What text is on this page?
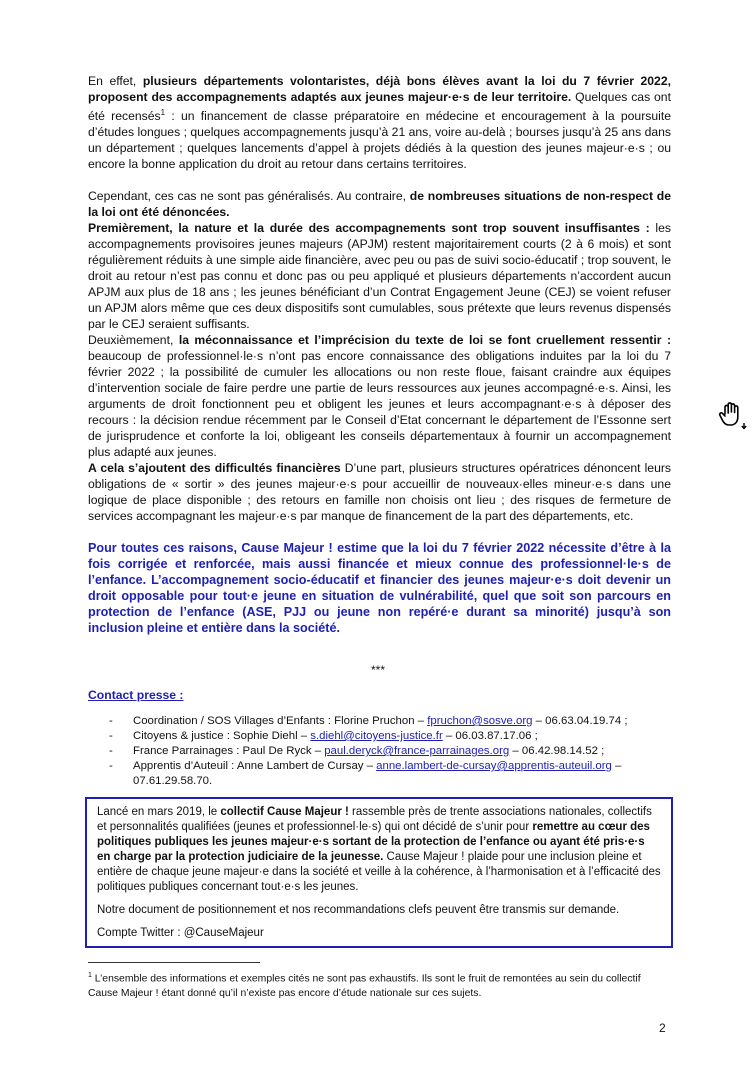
En effet, plusieurs départements volontaristes, déjà bons élèves avant la loi du 7 février 2022, proposent des accompagnements adaptés aux jeunes majeur·e·s de leur territoire. Quelques cas ont été recensés$^1$ : un financement de classe préparatoire en médecine et encouragement à la poursuite d’études longues ; quelques accompagnements jusqu’à 21 ans, voire au-delà ; bourses jusqu’à 25 ans dans un département ; quelques lancements d’appel à projets dédiés à la question des jeunes majeur·e·s ; ou encore la bonne application du droit au retour dans certains territoires.

Cependant, ces cas ne sont pas généralisés. Au contraire, de nombreuses situations de non-respect de la loi ont été dénoncées.

Premièrement, la nature et la durée des accompagnements sont trop souvent insuffisantes : les accompagnements provisoires jeunes majeurs (APJM) restent majoritairement courts (2 à 6 mois) et sont régulièrement réduits à une simple aide financière, avec peu ou pas de suivi socio-éducatif ; trop souvent, le droit au retour n’est pas connu et donc pas ou peu appliqué et plusieurs départements n’accordent aucun APJM aux plus de 18 ans ; les jeunes bénéficiant d’un Contrat Engagement Jeune (CEJ) se voient refuser un APJM alors même que ces deux dispositifs sont cumulables, sous prétexte que leurs revenus dispensés par le CEJ seraient suffisants.

Deuxièmement, la méconnaissance et l’imprécision du texte de loi se font cruellement ressentir : beaucoup de professionnel·le·s n’ont pas encore connaissance des obligations induites par la loi du 7 février 2022 ; la possibilité de cumuler les allocations ou non reste floue, faisant craindre aux équipes d’intervention sociale de faire perdre une partie de leurs ressources aux jeunes accompagné·e·s. Ainsi, les arguments de droit fonctionnent peu et obligent les jeunes et leurs accompagnant·e·s à déposer des recours : la décision rendue récemment par le Conseil d’Etat concernant le département de l’Essonne sert de jurisprudence et conforte la loi, obligeant les conseils départementaux à fournir un accompagnement plus adapté aux jeunes.

A cela s’ajoutent des difficultés financières D’une part, plusieurs structures opératrices dénoncent leurs obligations de « sortir » des jeunes majeur·e·s pour accueillir de nouveaux·elles mineur·e·s dans une logique de place disponible ; des retours en famille non choisis ont lieu ; des risques de fermeture de services accompagnant les majeur·e·s par manque de financement de la part des départements, etc.

Pour toutes ces raisons, Cause Majeur ! estime que la loi du 7 février 2022 nécessite d’être à la fois corrigée et renforcée, mais aussi financée et mieux connue des professionnel·le·s de l’enfance. L’accompagnement socio-éducatif et financier des jeunes majeur·e·s doit devenir un droit opposable pour tout·e jeune en situation de vulnérabilité, quel que soit son parcours en protection de l’enfance (ASE, PJJ ou jeune non repéré·e durant sa minorité) jusqu’à son inclusion pleine et entière dans la société.

***
Contact presse :
- Coordination / SOS Villages d’Enfants : Florine Pruchon – fpruchon@sosve.org – 06.63.04.19.74 ;
- Citoyens & justice : Sophie Diehl – s.diehl@citoyens-justice.fr – 06.03.87.17.06 ;
- France Parrainages : Paul De Ryck – paul.deryck@france-parrainages.org – 06.42.98.14.52 ;
- Apprentis d’Auteuil : Anne Lambert de Cursay – anne.lambert-de-cursay@apprentis-auteuil.org – 07.61.29.58.70.

Lancé en mars 2019, le collectif Cause Majeur ! rassemble près de trente associations nationales, collectifs et personnalités qualifiées (jeunes et professionnel·le·s) qui ont décidé de s’unir pour remettre au cœur des politiques publiques les jeunes majeur·e·s sortant de la protection de l’enfance ou ayant été pris·e·s en charge par la protection judiciaire de la jeunesse. Cause Majeur ! plaide pour une inclusion pleine et entière de chaque jeune majeur·e dans la société et veille à la cohérence, à l’harmonisation et à l’efficacité des politiques publiques concernant tout·e·s les jeunes.

Notre document de positionnement et nos recommandations clefs peuvent être transmis sur demande.

Compte Twitter : @CauseMajeur

$^1$ L’ensemble des informations et exemples cités ne sont pas exhaustifs. Ils sont le fruit de remontées au sein du collectif Cause Majeur ! étant donné qu’il n’existe pas encore d’étude nationale sur ces sujets.
2
